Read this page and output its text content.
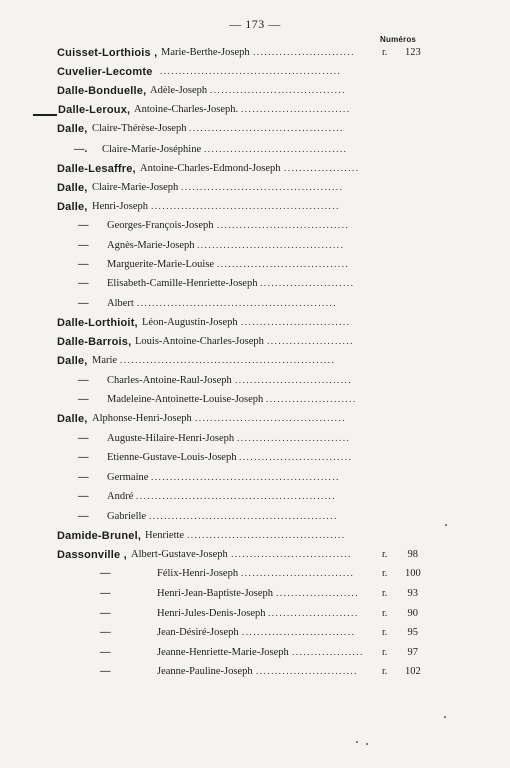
— 173 —
Numéros
Cuisset-Lorthiois , Marie-Berthe-Joseph ...........................	r. 123
Cuvelier-Lecomte ................................................
Dalle-Bonduelle, Adèle-Joseph ....................................
Dalle-Leroux, Antoine-Charles-Joseph. .............................
Dalle, Claire-Thérèse-Joseph .........................................
—. Claire-Marie-Joséphine ......................................
Dalle-Lesaffre, Antoine-Charles-Edmond-Joseph ....................
Dalle, Claire-Marie-Joseph ...........................................
Dalle, Henri-Joseph ..................................................
— Georges-François-Joseph ...................................
— Agnès-Marie-Joseph .......................................
— Marguerite-Marie-Louise ...................................
— Elisabeth-Camille-Henriette-Joseph .........................
— Albert .....................................................
Dalle-Lorthioit, Léon-Augustin-Joseph .............................
Dalle-Barrois, Louis-Antoine-Charles-Joseph .......................
Dalle, Marie .........................................................
— Charles-Antoine-Raul-Joseph ...............................
— Madeleine-Antoinette-Louise-Joseph ........................
Dalle, Alphonse-Henri-Joseph ........................................
— Auguste-Hilaire-Henri-Joseph ..............................
— Etienne-Gustave-Louis-Joseph ..............................
— Germaine ..................................................
— André .....................................................
— Gabrielle ..................................................
Damide-Brunel, Henriette ..........................................
Dassonville , Albert-Gustave-Joseph ................................	r. 98
—	Félix-Henri-Joseph ..............................	r. 100
—	Henri-Jean-Baptiste-Joseph ......................	r. 93
—	Henri-Jules-Denis-Joseph ........................	r. 90
—	Jean-Désiré-Joseph ..............................	r. 95
—	Jeanne-Henriette-Marie-Joseph ...................	r. 97
—	Jeanne-Pauline-Joseph ...........................	r. 102
